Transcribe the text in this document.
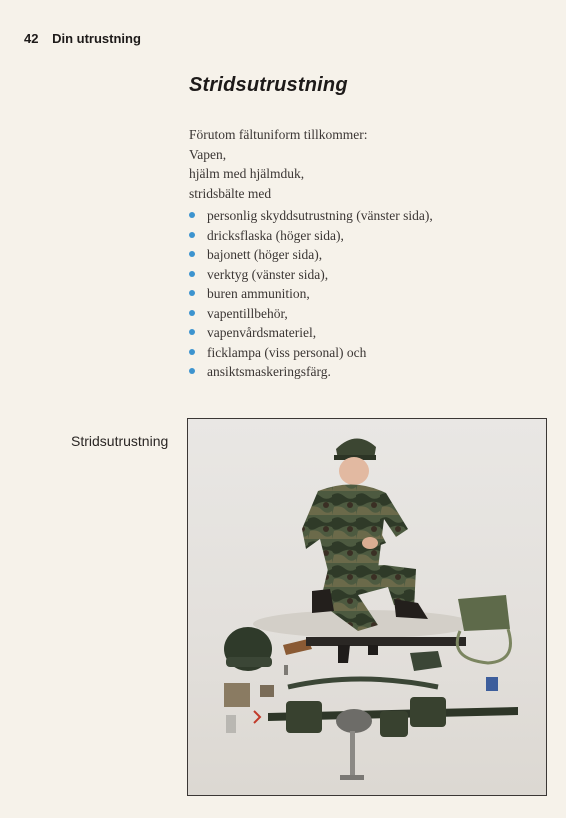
42 Din utrustning
Stridsutrustning
Förutom fältuniform tillkommer:
Vapen,
hjälm med hjälmduk,
stridsbälte med
personlig skyddsutrustning (vänster sida),
dricksflaska (höger sida),
bajonett (höger sida),
verktyg (vänster sida),
buren ammunition,
vapentillbehör,
vapenvårdsmateriel,
ficklampa (viss personal) och
ansiktsmaskeringsfärg.
Stridsutrustning
